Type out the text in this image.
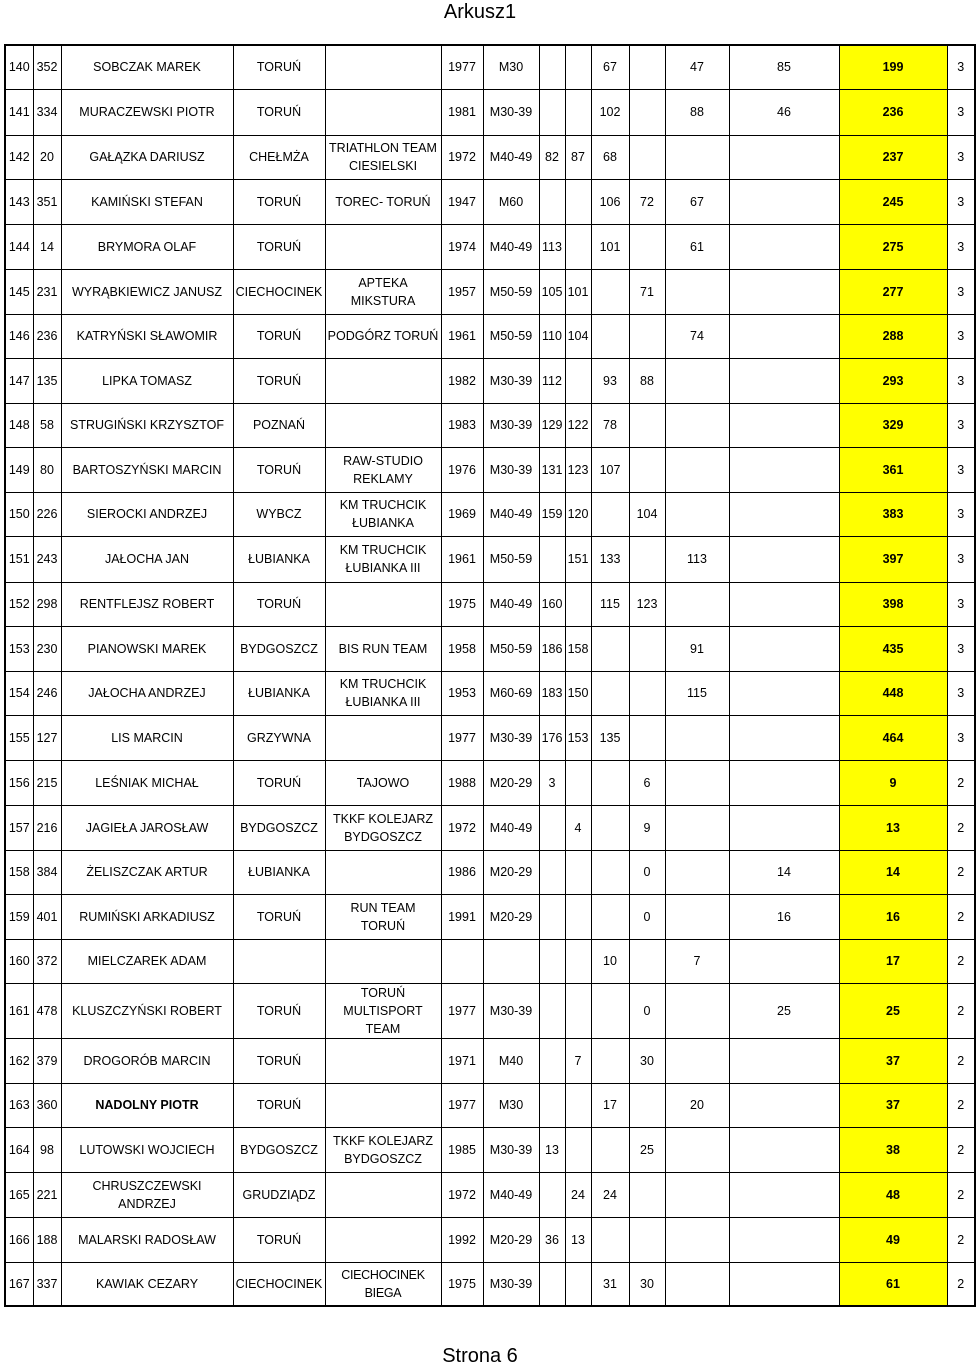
Arkusz1
140	352	SOBCZAK MAREK	TORUŃ		1977	M30			67		47	85	199	3
141	334	MURACZEWSKI PIOTR	TORUŃ		1981	M30-39			102		88	46	236	3
142	20	GAŁĄZKA DARIUSZ	CHEŁMŻA	TRIATHLON TEAM CIESIELSKI	1972	M40-49	82	87	68				237	3
143	351	KAMIŃSKI STEFAN	TORUŃ	TOREC- TORUŃ	1947	M60			106	72	67		245	3
144	14	BRYMORA OLAF	TORUŃ		1974	M40-49	113		101		61		275	3
145	231	WYRĄBKIEWICZ JANUSZ	CIECHOCINEK	APTEKA MIKSTURA	1957	M50-59	105	101		71			277	3
146	236	KATRYŃSKI SŁAWOMIR	TORUŃ	PODGÓRZ TORUŃ	1961	M50-59	110	104			74		288	3
147	135	LIPKA TOMASZ	TORUŃ		1982	M30-39	112		93	88			293	3
148	58	STRUGIŃSKI KRZYSZTOF	POZNAŃ		1983	M30-39	129	122	78				329	3
149	80	BARTOSZYŃSKI MARCIN	TORUŃ	RAW-STUDIO REKLAMY	1976	M30-39	131	123	107				361	3
150	226	SIEROCKI ANDRZEJ	WYBCZ	KM TRUCHCIK ŁUBIANKA	1969	M40-49	159	120		104			383	3
151	243	JAŁOCHA JAN	ŁUBIANKA	KM TRUCHCIK ŁUBIANKA III	1961	M50-59		151	133		113		397	3
152	298	RENTFLEJSZ ROBERT	TORUŃ		1975	M40-49	160		115	123			398	3
153	230	PIANOWSKI MAREK	BYDGOSZCZ	BIS RUN TEAM	1958	M50-59	186	158			91		435	3
154	246	JAŁOCHA ANDRZEJ	ŁUBIANKA	KM TRUCHCIK ŁUBIANKA III	1953	M60-69	183	150			115		448	3
155	127	LIS MARCIN	GRZYWNA		1977	M30-39	176	153	135				464	3
156	215	LEŚNIAK MICHAŁ	TORUŃ	TAJOWO	1988	M20-29	3			6			9	2
157	216	JAGIEŁA JAROSŁAW	BYDGOSZCZ	TKKF KOLEJARZ BYDGOSZCZ	1972	M40-49		4		9			13	2
158	384	ŻELISZCZAK ARTUR	ŁUBIANKA		1986	M20-29				0		14	14	2
159	401	RUMIŃSKI ARKADIUSZ	TORUŃ	RUN TEAM TORUŃ	1991	M20-29				0		16	16	2
160	372	MIELCZAREK ADAM							10		7		17	2
161	478	KLUSZCZYŃSKI ROBERT	TORUŃ	TORUŃ MULTISPORT TEAM	1977	M30-39				0		25	25	2
162	379	DROGORÓB MARCIN	TORUŃ		1971	M40		7		30			37	2
163	360	NADOLNY PIOTR	TORUŃ		1977	M30			17		20		37	2
164	98	LUTOWSKI WOJCIECH	BYDGOSZCZ	TKKF KOLEJARZ BYDGOSZCZ	1985	M30-39	13			25			38	2
165	221	CHRUSZCZEWSKI ANDRZEJ	GRUDZIĄDZ		1972	M40-49		24	24				48	2
166	188	MALARSKI RADOSŁAW	TORUŃ		1992	M20-29	36	13					49	2
167	337	KAWIAK CEZARY	CIECHOCINEK	CIECHOCINEK BIEGA	1975	M30-39			31	30			61	2
Strona 6
